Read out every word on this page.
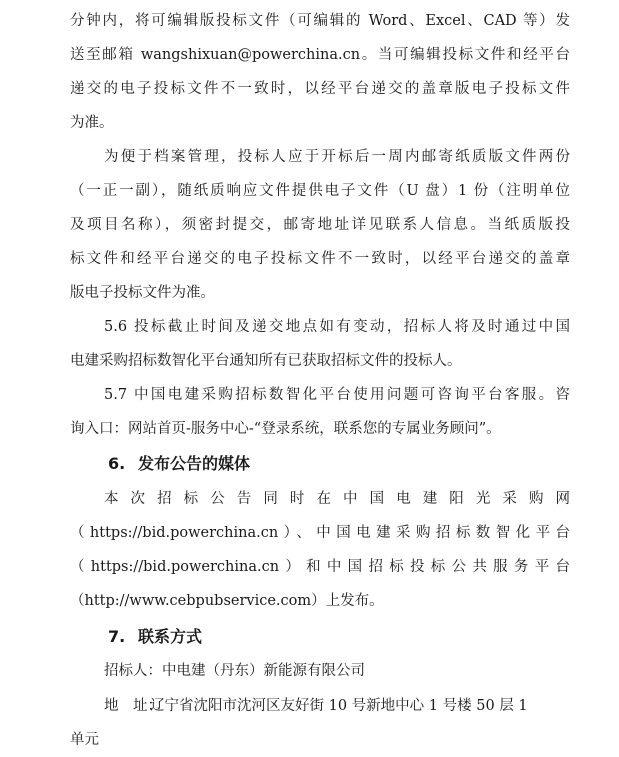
分钟内，将可编辑版投标文件（可编辑的 Word、Excel、CAD 等）发
送至邮箱 wangshixuan@powerchina.cn。当可编辑投标文件和经平台
递交的电子投标文件不一致时，以经平台递交的盖章版电子投标文件
为准。
为便于档案管理，投标人应于开标后一周内邮寄纸质版文件两份
（一正一副），随纸质响应文件提供电子文件（U 盘）1 份（注明单位
及项目名称），须密封提交，邮寄地址详见联系人信息。当纸质版投
标文件和经平台递交的电子投标文件不一致时，以经平台递交的盖章
版电子投标文件为准。
5.6 投标截止时间及递交地点如有变动，招标人将及时通过中国
电建采购招标数智化平台通知所有已获取招标文件的投标人。
5.7 中国电建采购招标数智化平台使用问题可咨询平台客服。咨
询入口：网站首页-服务中心-“登录系统，联系您的专属业务顾问”。
6. 发布公告的媒体
本次招标公告同时在中国电建阳光采购网
（https://bid.powerchina.cn）、中国电建采购招标数智化平台
（https://bid.powerchina.cn）和中国招标投标公共服务平台
（http://www.cebpubservice.com）上发布。
7. 联系方式
招标人：中电建（丹东）新能源有限公司
地　址：辽宁省沈阳市沈河区友好街 10 号新地中心 1 号楼 50 层 1
单元
